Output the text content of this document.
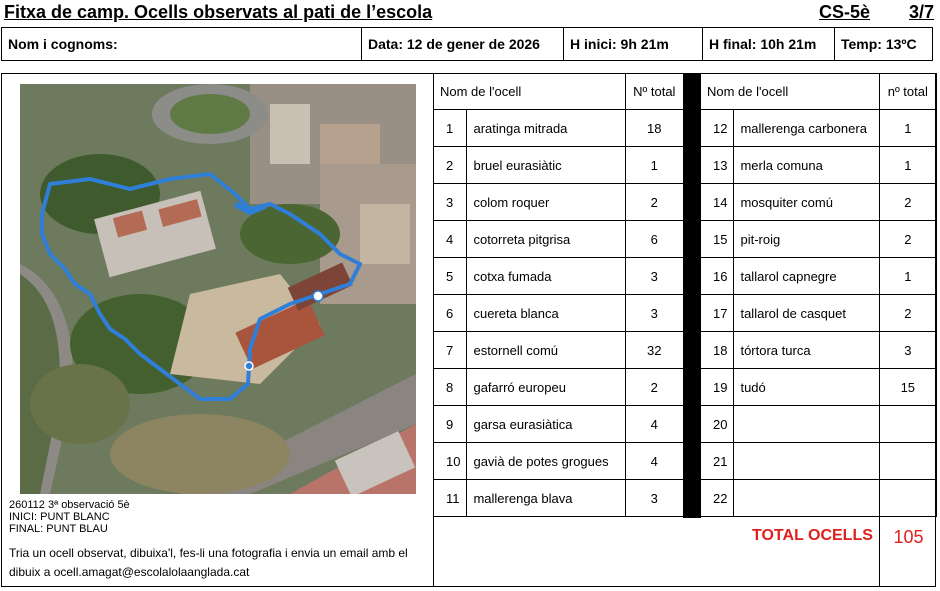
Fitxa de camp. Ocells observats al pati de l’escola	CS-5è 3/7
Nom i cognoms:	Data: 12 de gener de 2026	H inici: 9h 21m	H final: 10h 21m	Temp: 13ºC
260112 3ª observació 5è
INICI: PUNT BLANC
FINAL: PUNT BLAU
Tria un ocell observat, dibuixa'l, fes-li una fotografia i envia un email amb el dibuix a ocell.amagat@escolalolaanglada.cat
Nom de l'ocell		Nº total
1	aratinga mitrada	18
2	bruel eurasiàtic	1
3	colom roquer	2
4	cotorreta pitgrisa	6
5	cotxa fumada	3
6	cuereta blanca	3
7	estornell comú	32
8	gafarró europeu	2
9	garsa eurasiàtica	4
10	gavià de potes grogues	4
11	mallerenga blava	3
Nom de l'ocell		nº total
12	mallerenga carbonera	1
13	merla comuna	1
14	mosquiter comú	2
15	pit-roig	2
16	tallarol capnegre	1
17	tallarol de casquet	2
18	tórtora turca	3
19	tudó	15
20		
21		
22		
TOTAL OCELLS	105
